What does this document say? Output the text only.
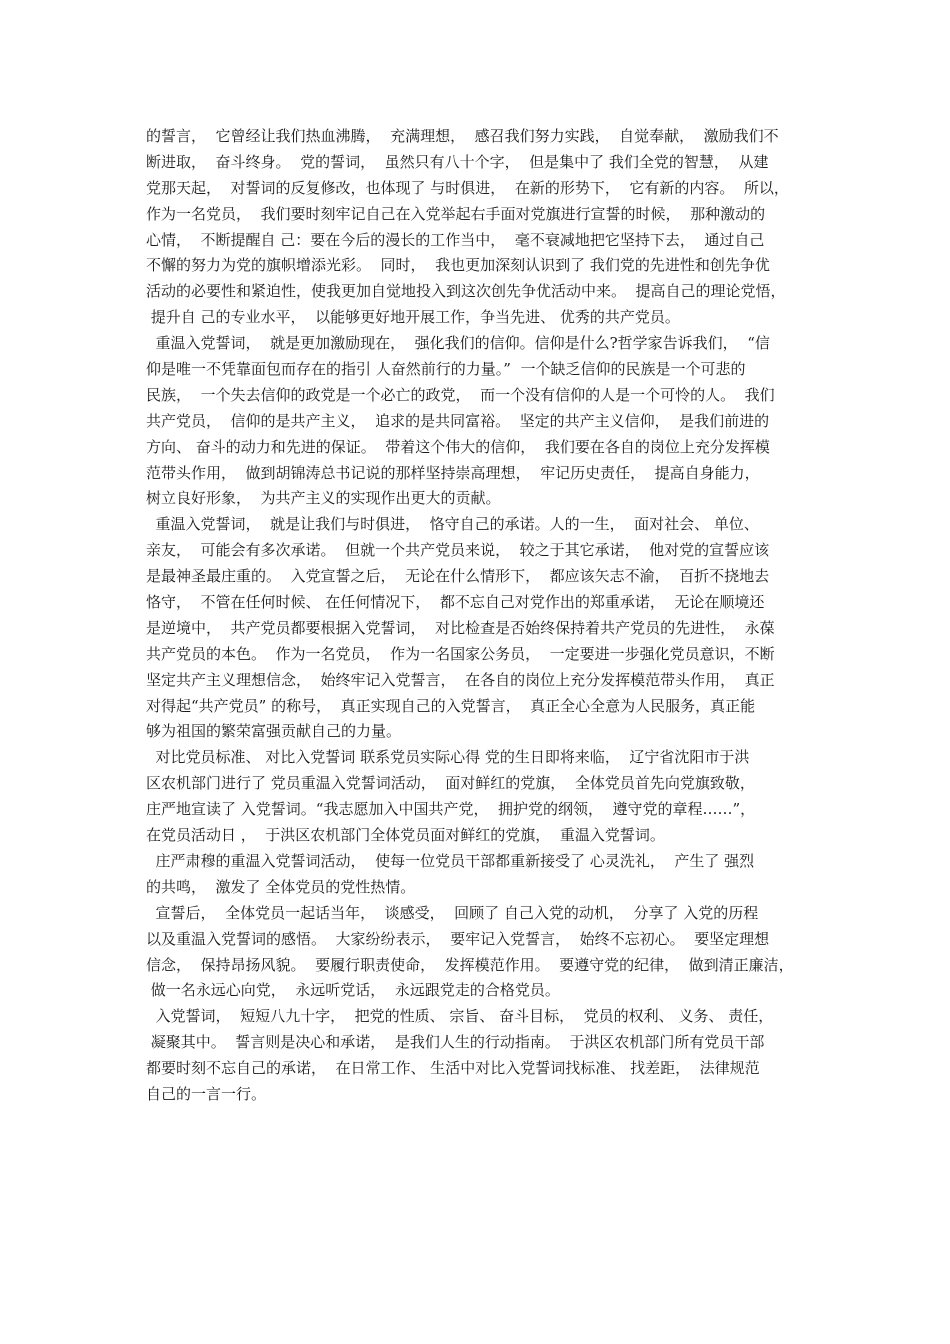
的誓言，  它曾经让我们热血沸腾，  充满理想，  感召我们努力实践，  自觉奉献，  激励我们不
断进取，  奋斗终身。  党的誓词，  虽然只有八十个字，  但是集中了 我们全党的智慧，  从建
党那天起，  对誓词的反复修改，也体现了 与时俱进，  在新的形势下，  它有新的内容。  所以，
作为一名党员，  我们要时刻牢记自己在入党举起右手面对党旗进行宣誓的时候，  那种激动的
心情，  不断提醒自 己：要在今后的漫长的工作当中，  毫不衰减地把它坚持下去，  通过自己
不懈的努力为党的旗帜增添光彩。  同时，  我也更加深刻认识到了 我们党的先进性和创先争优
活动的必要性和紧迫性，使我更加自觉地投入到这次创先争优活动中来。  提高自己的理论党悟，
提升自 己的专业水平，  以能够更好地开展工作，争当先进、 优秀的共产党员。
重温入党誓词，  就是更加激励现在，  强化我们的信仰。信仰是什么?哲学家告诉我们，  “信
仰是唯一不凭靠面包而存在的指引 人奋然前行的力量。”  一个缺乏信仰的民族是一个可悲的
民族，  一个失去信仰的政党是一个必亡的政党，  而一个没有信仰的人是一个可怜的人。  我们
共产党员，  信仰的是共产主义，  追求的是共同富裕。  坚定的共产主义信仰，  是我们前进的
方向、 奋斗的动力和先进的保证。  带着这个伟大的信仰，  我们要在各自的岗位上充分发挥模
范带头作用，  做到胡锦涛总书记说的那样坚持崇高理想，  牢记历史责任，  提高自身能力，
树立良好形象，  为共产主义的实现作出更大的贡献。
重温入党誓词，  就是让我们与时俱进，  恪守自己的承诺。人的一生，  面对社会、 单位、
亲友，  可能会有多次承诺。  但就一个共产党员来说，  较之于其它承诺，  他对党的宣誓应该
是最神圣最庄重的。  入党宣誓之后，  无论在什么情形下，  都应该矢志不渝，  百折不挠地去
恪守，  不管在任何时候、 在任何情况下，  都不忘自己对党作出的郑重承诺，  无论在顺境还
是逆境中，  共产党员都要根据入党誓词，  对比检查是否始终保持着共产党员的先进性，  永葆
共产党员的本色。  作为一名党员，  作为一名国家公务员，  一定要进一步强化党员意识，不断
坚定共产主义理想信念，  始终牢记入党誓言，  在各自的岗位上充分发挥模范带头作用，  真正
对得起“共产党员” 的称号，  真正实现自己的入党誓言，  真正全心全意为人民服务，真正能
够为祖国的繁荣富强贡献自己的力量。
对比党员标准、 对比入党誓词 联系党员实际心得 党的生日即将来临，  辽宁省沈阳市于洪
区农机部门进行了 党员重温入党誓词活动，  面对鲜红的党旗，  全体党员首先向党旗致敬，
庄严地宣读了 入党誓词。“我志愿加入中国共产党，  拥护党的纲领，  遵守党的章程……”，
在党员活动日 ，  于洪区农机部门全体党员面对鲜红的党旗，  重温入党誓词。
庄严肃穆的重温入党誓词活动，  使每一位党员干部都重新接受了 心灵洗礼，  产生了 强烈
的共鸣，  激发了 全体党员的党性热情。
宣誓后，  全体党员一起话当年，  谈感受，  回顾了 自己入党的动机，  分享了 入党的历程
以及重温入党誓词的感悟。  大家纷纷表示，  要牢记入党誓言，  始终不忘初心。  要坚定理想
信念，  保持昂扬风貌。  要履行职责使命，  发挥模范作用。  要遵守党的纪律，  做到清正廉洁，
做一名永远心向党，  永远听党话，  永远跟党走的合格党员。
入党誓词，  短短八九十字，  把党的性质、 宗旨、 奋斗目标，  党员的权利、 义务、 责任，
凝聚其中。  誓言则是决心和承诺，  是我们人生的行动指南。  于洪区农机部门所有党员干部
都要时刻不忘自己的承诺，  在日常工作、 生活中对比入党誓词找标准、 找差距，  法律规范
自己的一言一行。
